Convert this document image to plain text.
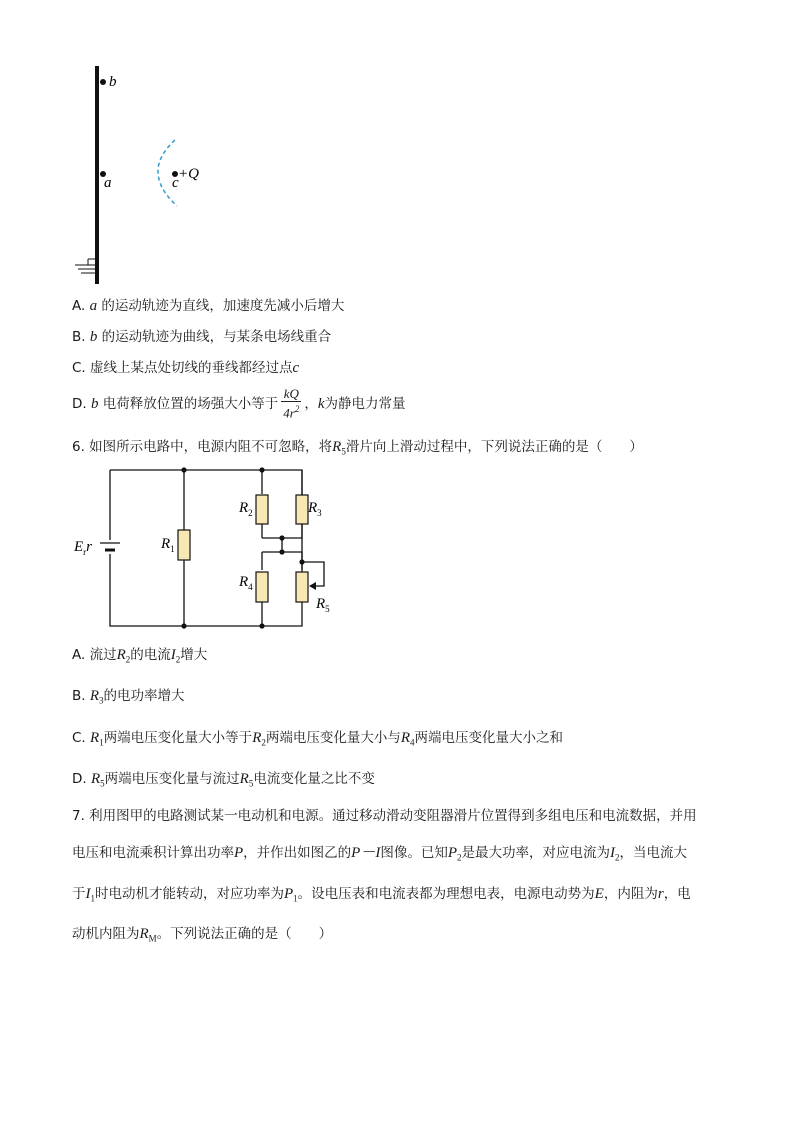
b
a	c
+Q
A. a 的运动轨迹为直线，加速度先减小后增大
B. b 的运动轨迹为曲线，与某条电场线重合
C. 虚线上某点处切线的垂线都经过点c
D. b 电荷释放位置的场强大小等于 $\frac{kQ}{4r^2}$ ，k为静电力常量
6. 如图所示电路中，电源内阻不可忽略，将$R_5$滑片向上滑动过程中，下列说法正确的是（　　）
$E_rr$	$R_1$
$R_2$	$R_3$
$R_4$
$R_5$
A. 流过$R_2$的电流$I_2$增大
B. $R_3$的电功率增大
C. $R_1$两端电压变化量大小等于$R_2$两端电压变化量大小与$R_4$两端电压变化量大小之和
D. $R_5$两端电压变化量与流过$R_5$电流变化量之比不变
7. 利用图甲的电路测试某一电动机和电源。通过移动滑动变阻器滑片位置得到多组电压和电流数据，并用
电压和电流乘积计算出功率P，并作出如图乙的P－I图像。已知$P_2$是最大功率，对应电流为$I_2$，当电流大
于$I_1$时电动机才能转动，对应功率为$P_1$。设电压表和电流表都为理想电表，电源电动势为E，内阻为r，电
动机内阻为$R_M$。下列说法正确的是（　　）
